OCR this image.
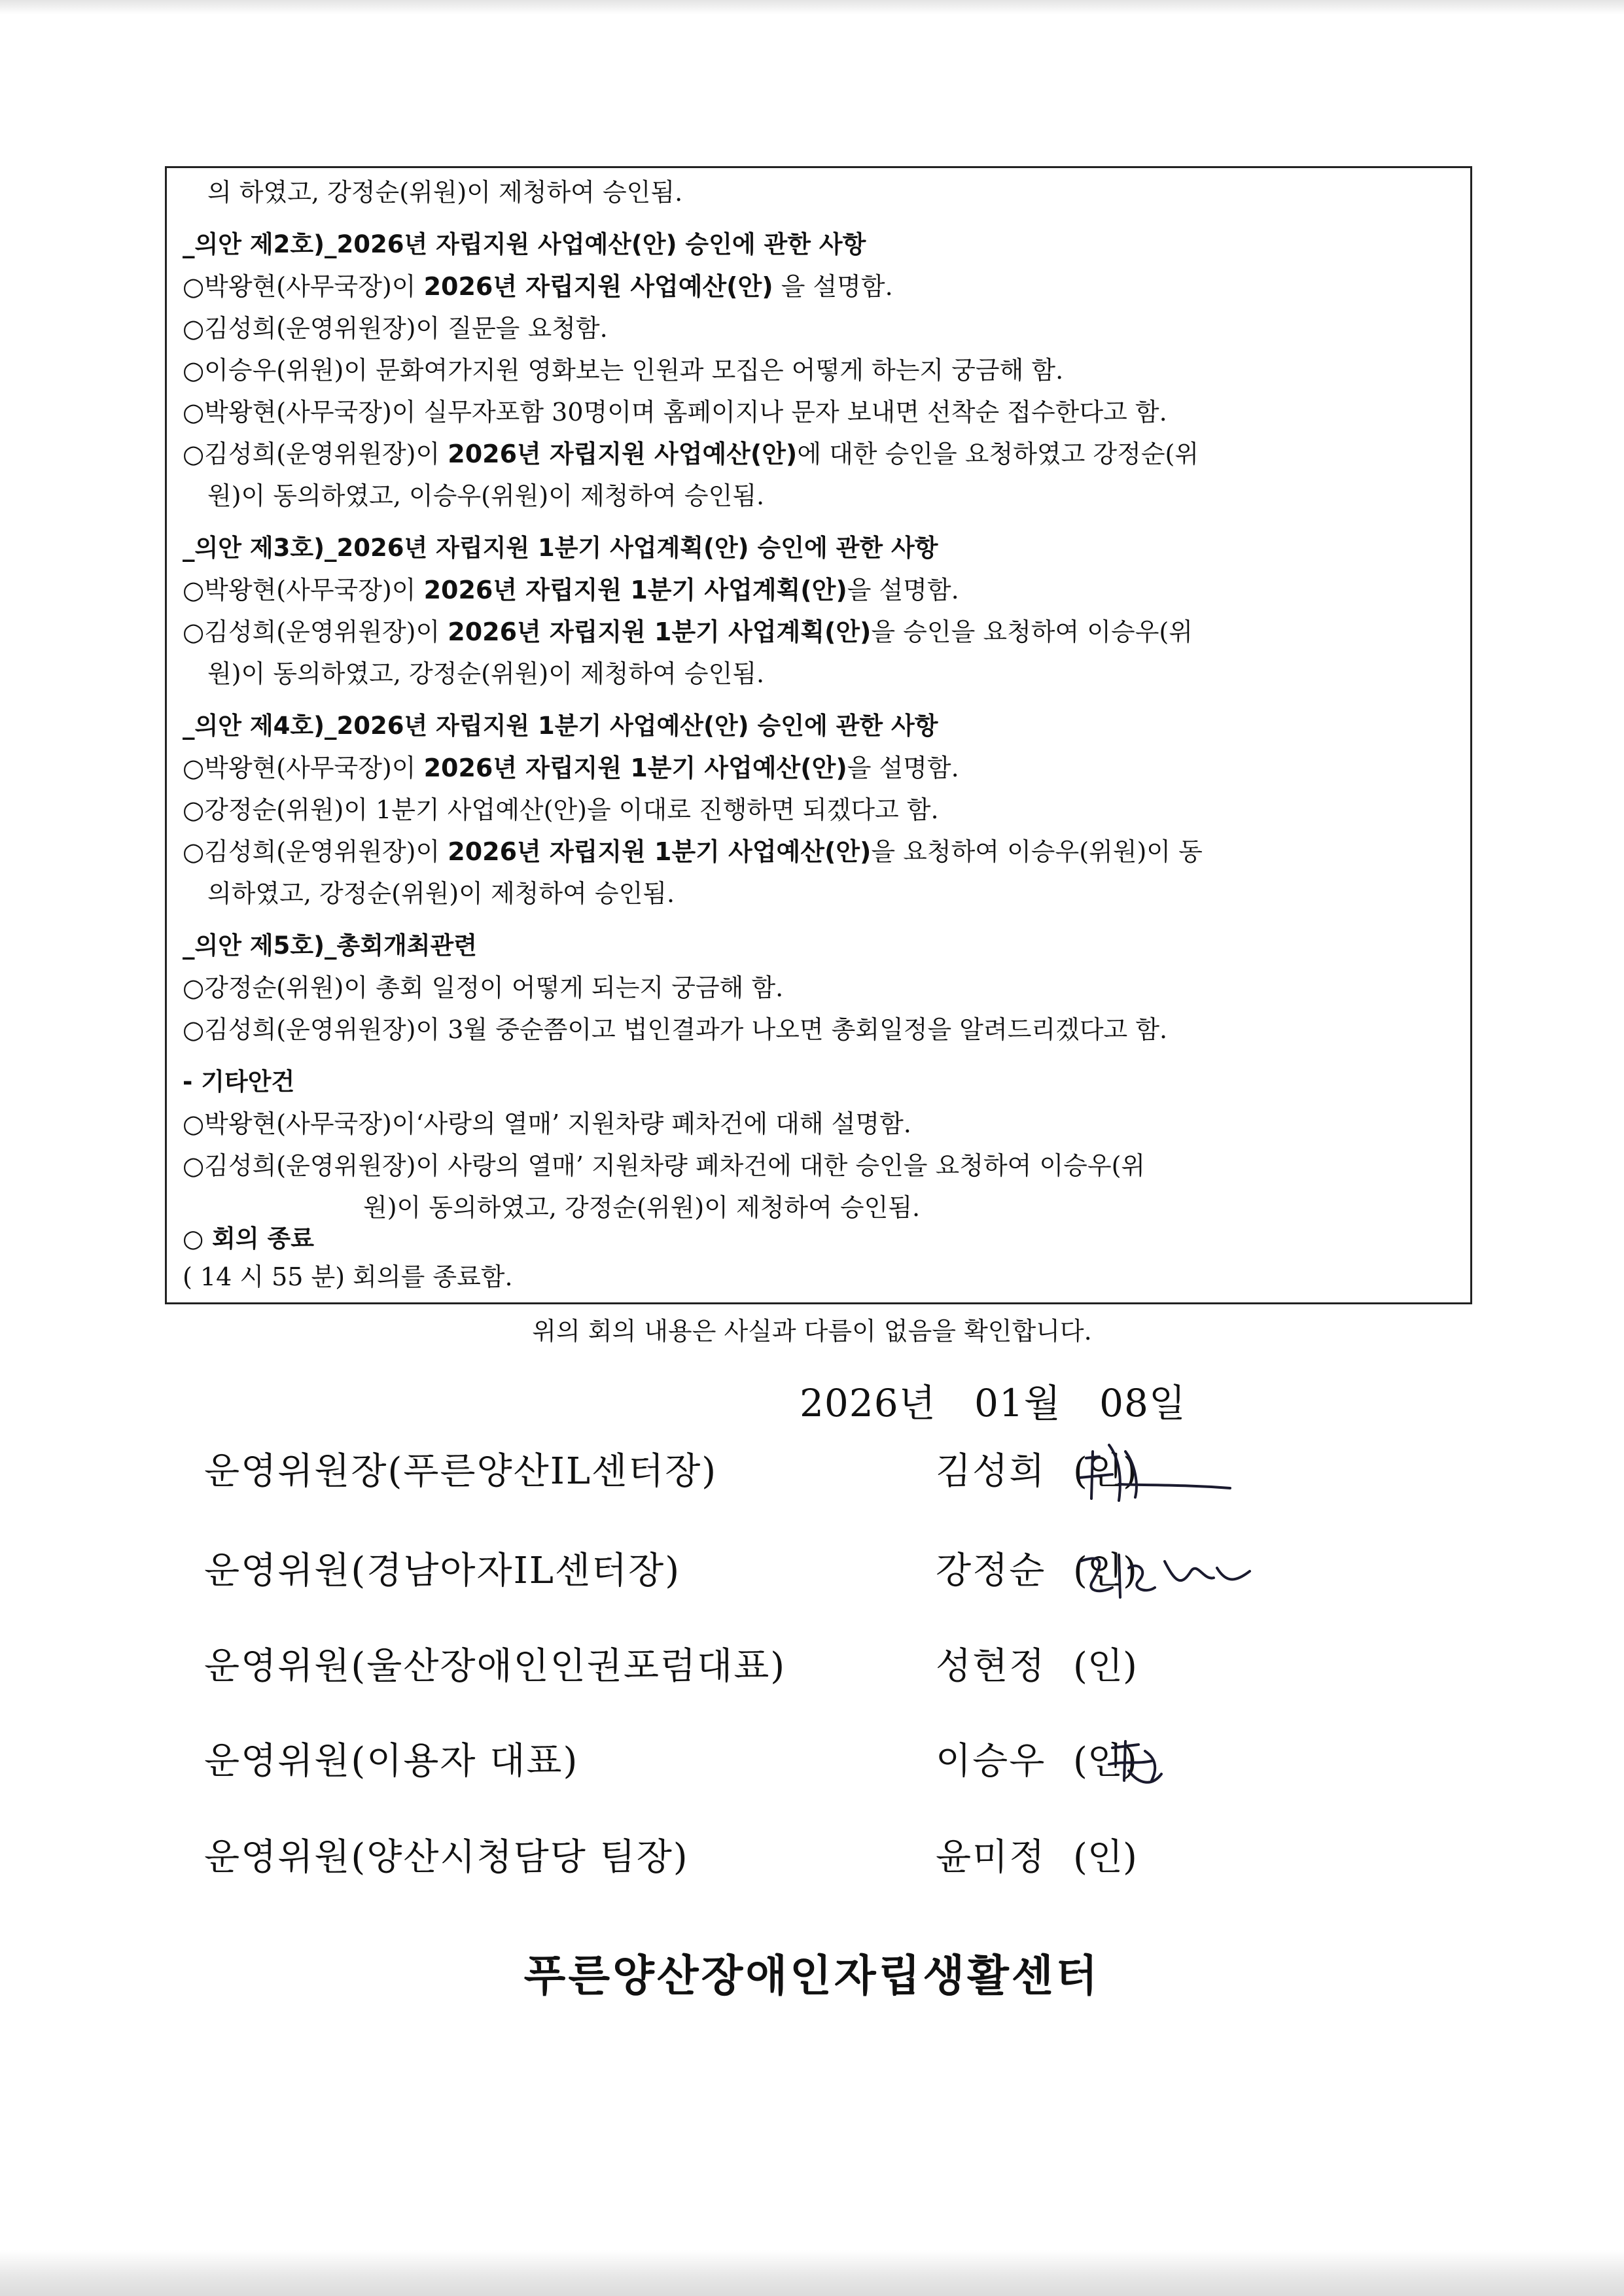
의 하였고, 강정순(위원)이 제청하여 승인됨.
_의안 제2호)_2026년 자립지원 사업예산(안) 승인에 관한 사항
○박왕현(사무국장)이 2026년 자립지원 사업예산(안) 을 설명함.
○김성희(운영위원장)이 질문을 요청함.
○이승우(위원)이 문화여가지원 영화보는 인원과 모집은 어떻게 하는지 궁금해 함.
○박왕현(사무국장)이 실무자포함 30명이며 홈페이지나 문자 보내면 선착순 접수한다고 함.
○김성희(운영위원장)이 2026년 자립지원 사업예산(안)에 대한 승인을 요청하였고 강정순(위
원)이 동의하였고, 이승우(위원)이 제청하여 승인됨.
_의안 제3호)_2026년 자립지원 1분기 사업계획(안) 승인에 관한 사항
○박왕현(사무국장)이 2026년 자립지원 1분기 사업계획(안)을 설명함.
○김성희(운영위원장)이 2026년 자립지원 1분기 사업계획(안)을 승인을 요청하여 이승우(위
원)이 동의하였고, 강정순(위원)이 제청하여 승인됨.
_의안 제4호)_2026년 자립지원 1분기 사업예산(안) 승인에 관한 사항
○박왕현(사무국장)이 2026년 자립지원 1분기 사업예산(안)을 설명함.
○강정순(위원)이 1분기 사업예산(안)을 이대로 진행하면 되겠다고 함.
○김성희(운영위원장)이 2026년 자립지원 1분기 사업예산(안)을 요청하여 이승우(위원)이 동
의하였고, 강정순(위원)이 제청하여 승인됨.
_의안 제5호)_총회개최관련
○강정순(위원)이 총회 일정이 어떻게 되는지 궁금해 함.
○김성희(운영위원장)이 3월 중순쯤이고 법인결과가 나오면 총회일정을 알려드리겠다고 함.
- 기타안건
○박왕현(사무국장)이‘사랑의 열매’ 지원차량 폐차건에 대해 설명함.
○김성희(운영위원장)이 사랑의 열매’ 지원차량 폐차건에 대한 승인을 요청하여 이승우(위
원)이 동의하였고, 강정순(위원)이 제청하여 승인됨.
○ 회의 종료
( 14 시 55 분) 회의를 종료함.
위의 회의 내용은 사실과 다름이 없음을 확인합니다.
2026년 01월 08일
운영위원장(푸른양산IL센터장)	김성희 (인)
운영위원(경남아자IL센터장)	강정순 (인)
운영위원(울산장애인인권포럼대표)	성현정 (인)
운영위원(이용자 대표)	이승우 (인)
운영위원(양산시청담당 팀장)	윤미정 (인)
푸른양산장애인자립생활센터
